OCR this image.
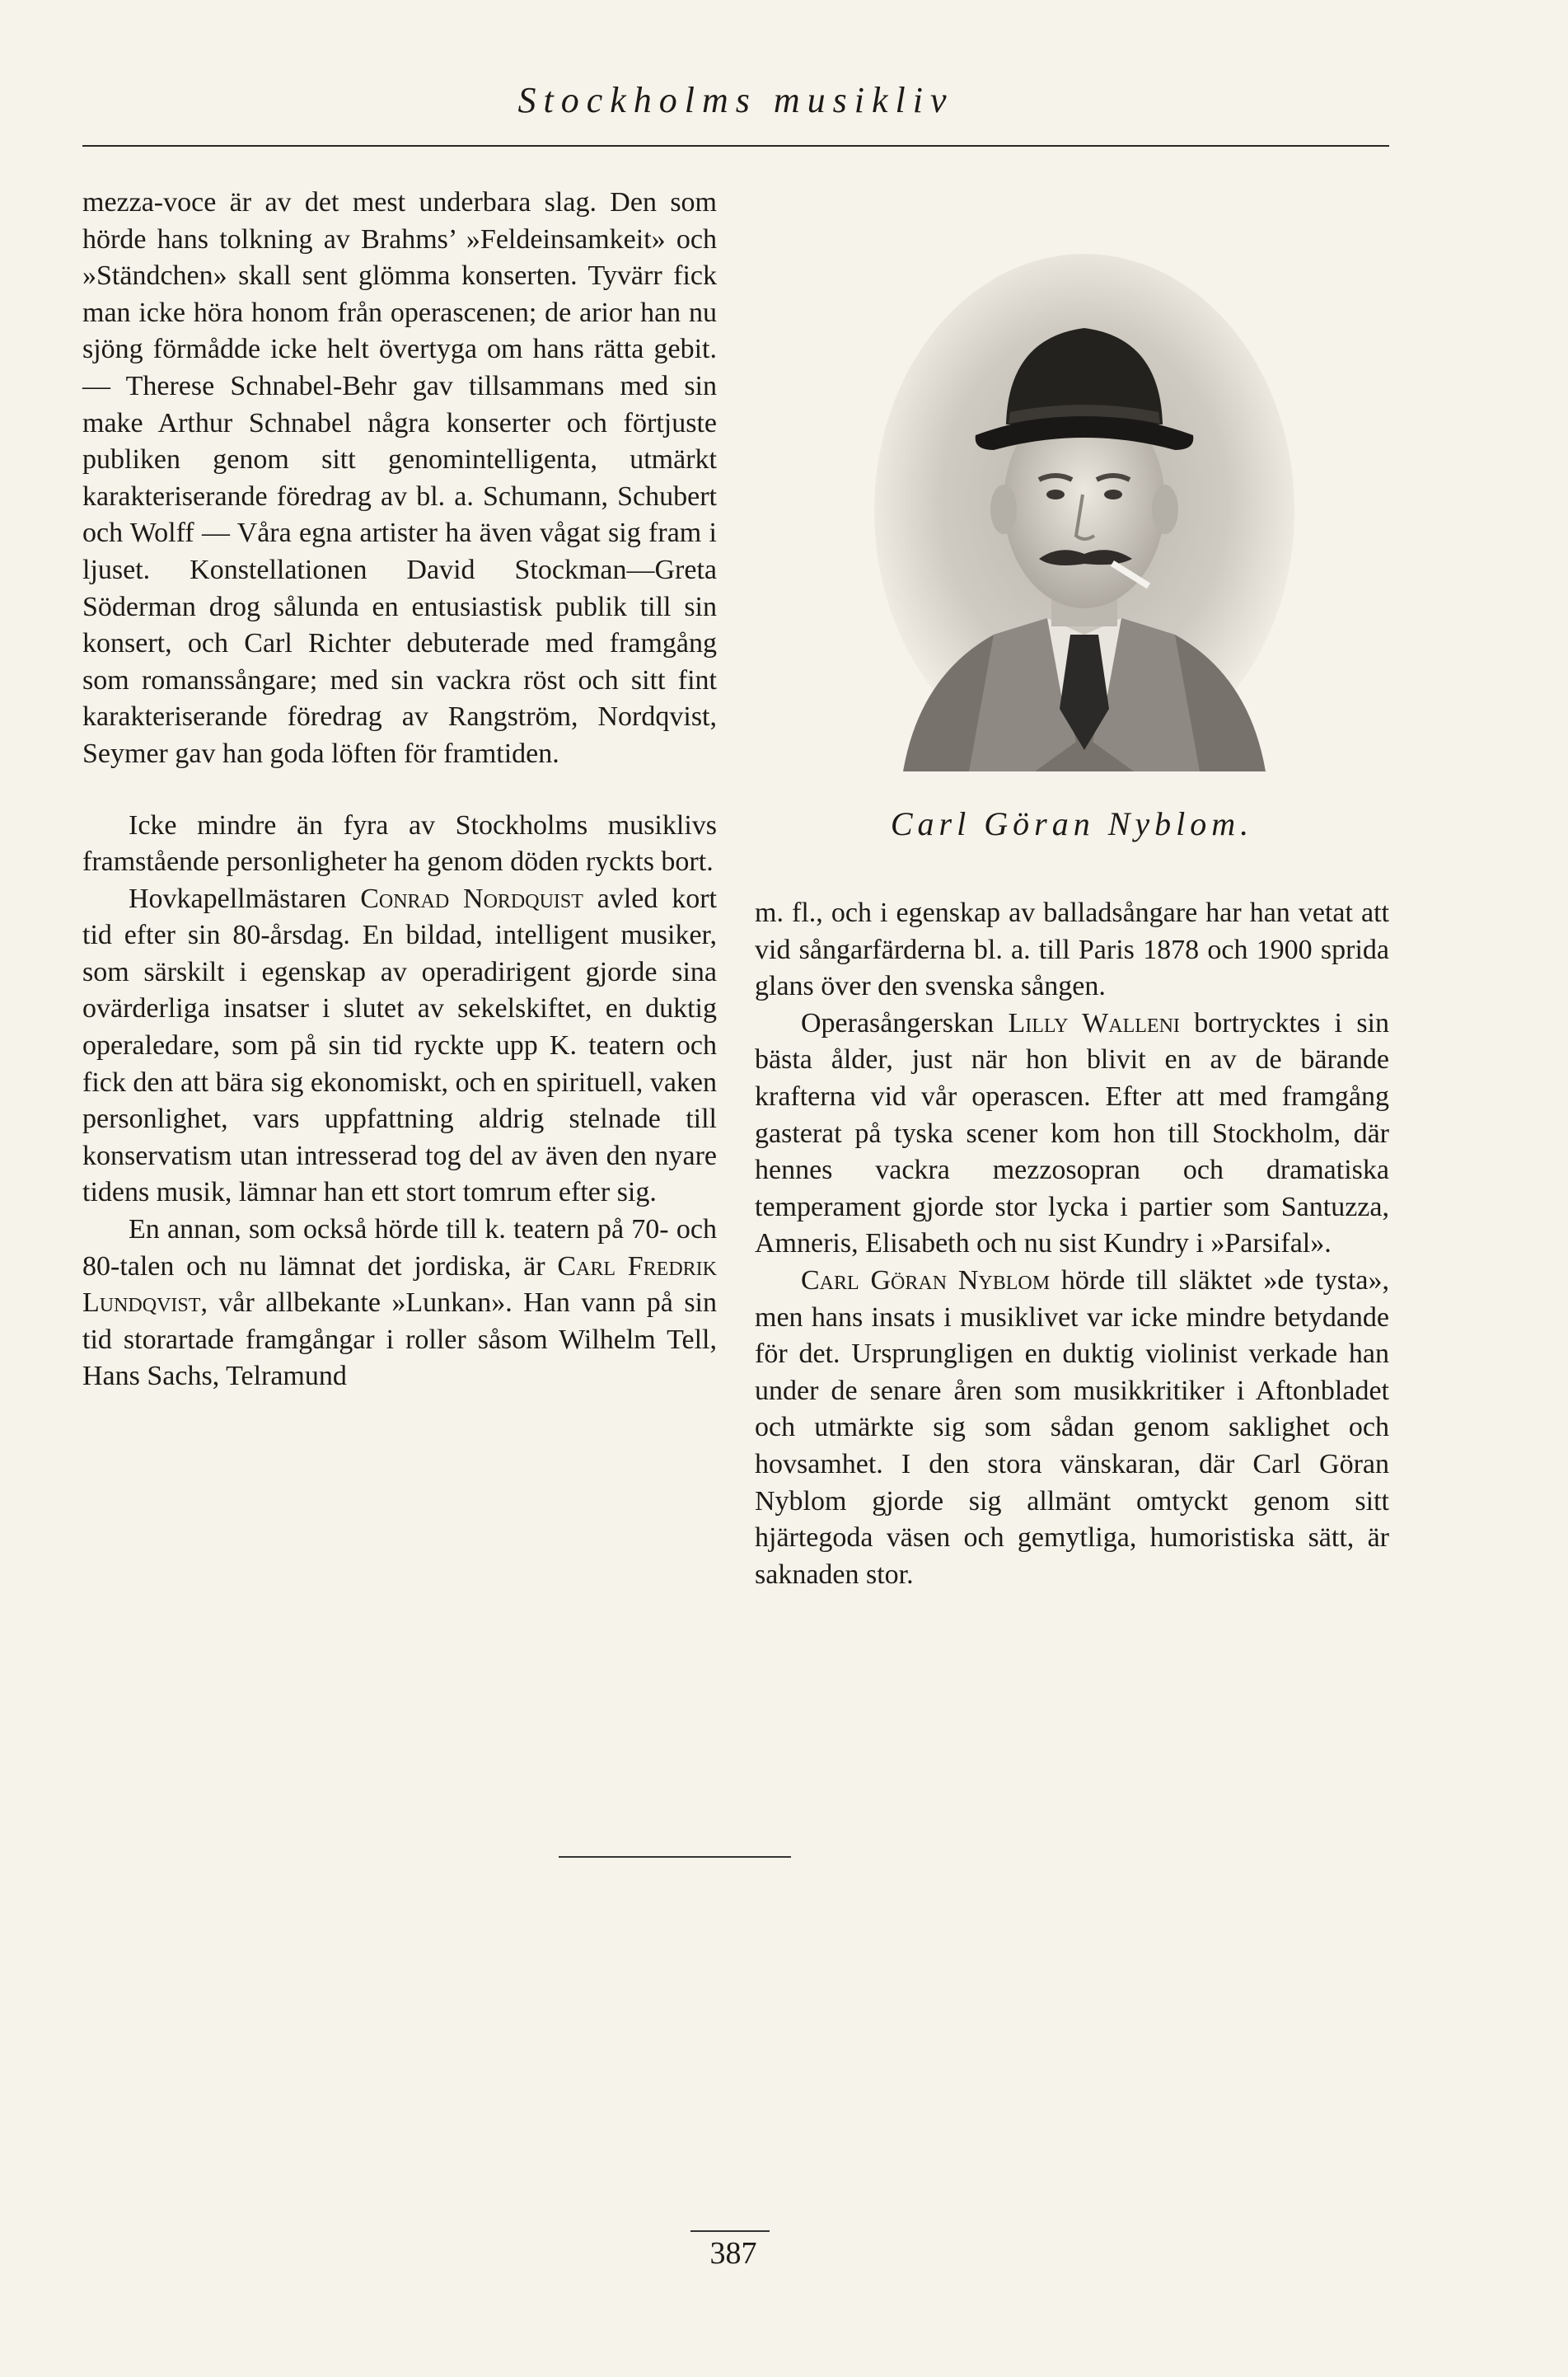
Stockholms musikliv

mezza-voce är av det mest underbara slag. Den som hörde hans tolkning av Brahms’ »Feldeinsamkeit» och »Ständchen» skall sent glömma konserten. Tyvärr fick man icke höra honom från operascenen; de arior han nu sjöng förmådde icke helt övertyga om hans rätta gebit. — Therese Schnabel-Behr gav tillsammans med sin make Arthur Schnabel några konserter och förtjuste publiken genom sitt genomintelligenta, utmärkt karakteriserande föredrag av bl. a. Schumann, Schubert och Wolff — Våra egna artister ha även vågat sig fram i ljuset. Konstellationen David Stockman—Greta Söderman drog sålunda en entusiastisk publik till sin konsert, och Carl Richter debuterade med framgång som romanssångare; med sin vackra röst och sitt fint karakteriserande föredrag av Rangström, Nordqvist, Seymer gav han goda löften för framtiden.

Icke mindre än fyra av Stockholms musiklivs framstående personligheter ha genom döden ryckts bort.

Hovkapellmästaren Conrad Nordquist avled kort tid efter sin 80-årsdag. En bildad, intelligent musiker, som särskilt i egenskap av operadirigent gjorde sina ovärderliga insatser i slutet av sekelskiftet, en duktig operaledare, som på sin tid ryckte upp K. teatern och fick den att bära sig ekonomiskt, och en spirituell, vaken personlighet, vars uppfattning aldrig stelnade till konservatism utan intresserad tog del av även den nyare tidens musik, lämnar han ett stort tomrum efter sig.

En annan, som också hörde till k. teatern på 70- och 80-talen och nu lämnat det jordiska, är Carl Fredrik Lundqvist, vår allbekante »Lunkan». Han vann på sin tid storartade framgångar i roller såsom Wilhelm Tell, Hans Sachs, Telramund

Carl Göran Nyblom.

m. fl., och i egenskap av balladsångare har han vetat att vid sångarfärderna bl. a. till Paris 1878 och 1900 sprida glans över den svenska sången.

Operasångerskan Lilly Walleni bortrycktes i sin bästa ålder, just när hon blivit en av de bärande krafterna vid vår operascen. Efter att med framgång gasterat på tyska scener kom hon till Stockholm, där hennes vackra mezzosopran och dramatiska temperament gjorde stor lycka i partier som Santuzza, Amneris, Elisabeth och nu sist Kundry i »Parsifal».

Carl Göran Nyblom hörde till släktet »de tysta», men hans insats i musiklivet var icke mindre betydande för det. Ursprungligen en duktig violinist verkade han under de senare åren som musikkritiker i Aftonbladet och utmärkte sig som sådan genom saklighet och hovsamhet. I den stora vänskaran, där Carl Göran Nyblom gjorde sig allmänt omtyckt genom sitt hjärtegoda väsen och gemytliga, humoristiska sätt, är saknaden stor.

387
